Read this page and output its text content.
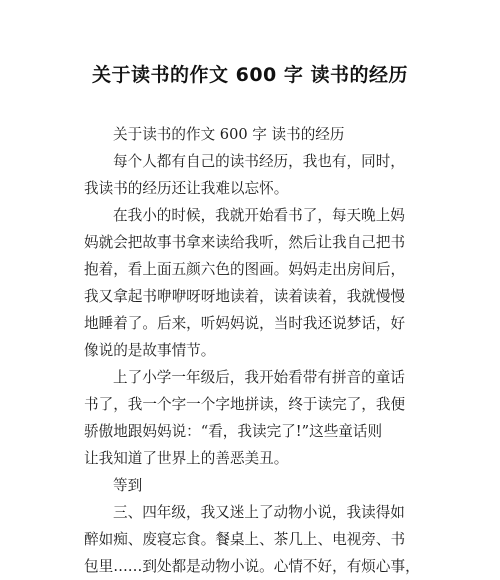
关于读书的作文 600 字 读书的经历
关于读书的作文 600 字 读书的经历
每个人都有自己的读书经历，我也有，同时，
我读书的经历还让我难以忘怀。
在我小的时候，我就开始看书了，每天晚上妈
妈就会把故事书拿来读给我听，然后让我自己把书
抱着，看上面五颜六色的图画。妈妈走出房间后，
我又拿起书咿咿呀呀地读着，读着读着，我就慢慢
地睡着了。后来，听妈妈说，当时我还说梦话，好
像说的是故事情节。
上了小学一年级后，我开始看带有拼音的童话
书了，我一个字一个字地拼读，终于读完了，我便
骄傲地跟妈妈说：“看，我读完了!”这些童话则
让我知道了世界上的善恶美丑。
等到
三、四年级，我又迷上了动物小说，我读得如
醉如痴、废寝忘食。餐桌上、茶几上、电视旁、书
包里……到处都是动物小说。心情不好，有烦心事，
